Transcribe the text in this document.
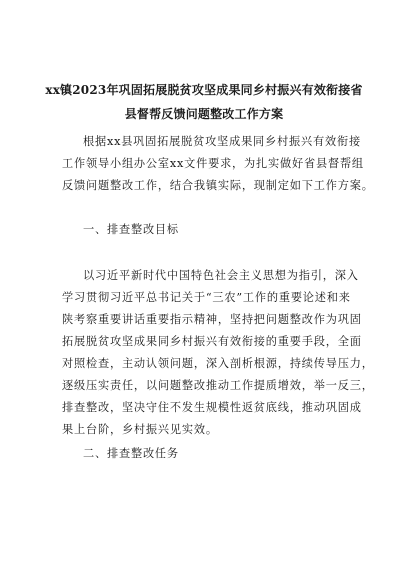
xx镇2023年巩固拓展脱贫攻坚成果同乡村振兴有效衔接省
县督帮反馈问题整改工作方案
根据xx县巩固拓展脱贫攻坚成果同乡村振兴有效衔接
工作领导小组办公室xx文件要求，为扎实做好省县督帮组
反馈问题整改工作，结合我镇实际，现制定如下工作方案。
一、排查整改目标
以习近平新时代中国特色社会主义思想为指引，深入
学习贯彻习近平总书记关于“三农”工作的重要论述和来
陕考察重要讲话重要指示精神，坚持把问题整改作为巩固
拓展脱贫攻坚成果同乡村振兴有效衔接的重要手段，全面
对照检查，主动认领问题，深入剖析根源，持续传导压力，
逐级压实责任，以问题整改推动工作提质增效，举一反三，
排查整改，坚决守住不发生规模性返贫底线，推动巩固成
果上台阶，乡村振兴见实效。
二、排查整改任务
